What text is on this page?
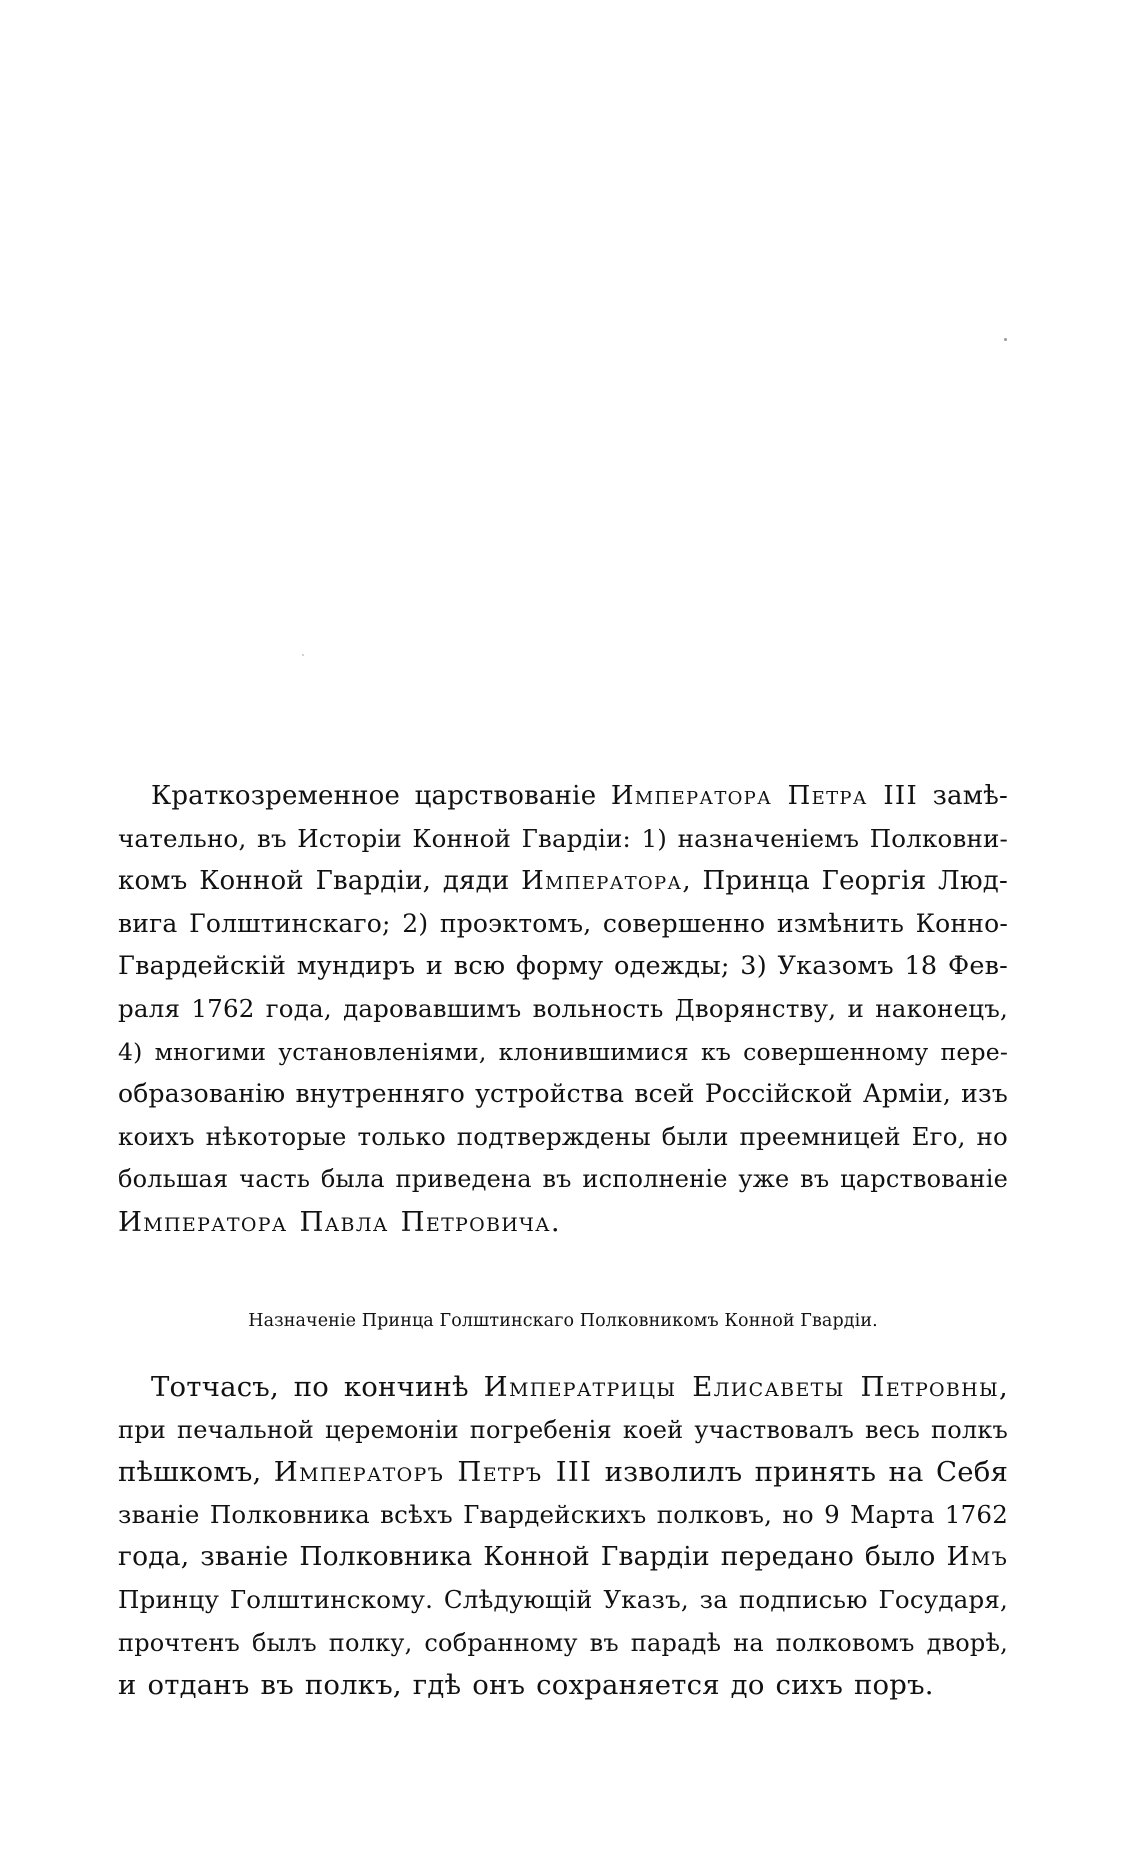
Краткозременное царствованіе Императора Петра III замѣ-
чательно, въ Исторіи Конной Гвардіи: 1) назначеніемъ Полковни-
комъ Конной Гвардіи, дяди Императора, Принца Георгія Люд-
вига Голштинскаго; 2) проэктомъ, совершенно измѣнить Конно-
Гвардейскій мундиръ и всю форму одежды; 3) Указомъ 18 Фев-
раля 1762 года, даровавшимъ вольность Дворянству, и наконецъ,
4) многими установленіями, клонившимися къ совершенному пере-
образованію внутренняго устройства всей Россійской Арміи, изъ
коихъ нѣкоторые только подтверждены были преемницей Его, но
большая часть была приведена въ исполненіе уже въ царствованіе
Императора Павла Петровича.
Назначеніе Принца Голштинскаго Полковникомъ Конной Гвардіи.
Тотчасъ, по кончинѣ Императрицы Елисаветы Петровны,
при печальной церемоніи погребенія коей участвовалъ весь полкъ
пѣшкомъ, Императоръ Петръ III изволилъ принять на Себя
званіе Полковника всѣхъ Гвардейскихъ полковъ, но 9 Марта 1762
года, званіе Полковника Конной Гвардіи передано было Имъ
Принцу Голштинскому. Слѣдующій Указъ, за подписью Государя,
прочтенъ былъ полку, собранному въ парадѣ на полковомъ дворѣ,
и отданъ въ полкъ, гдѣ онъ сохраняется до сихъ поръ.
